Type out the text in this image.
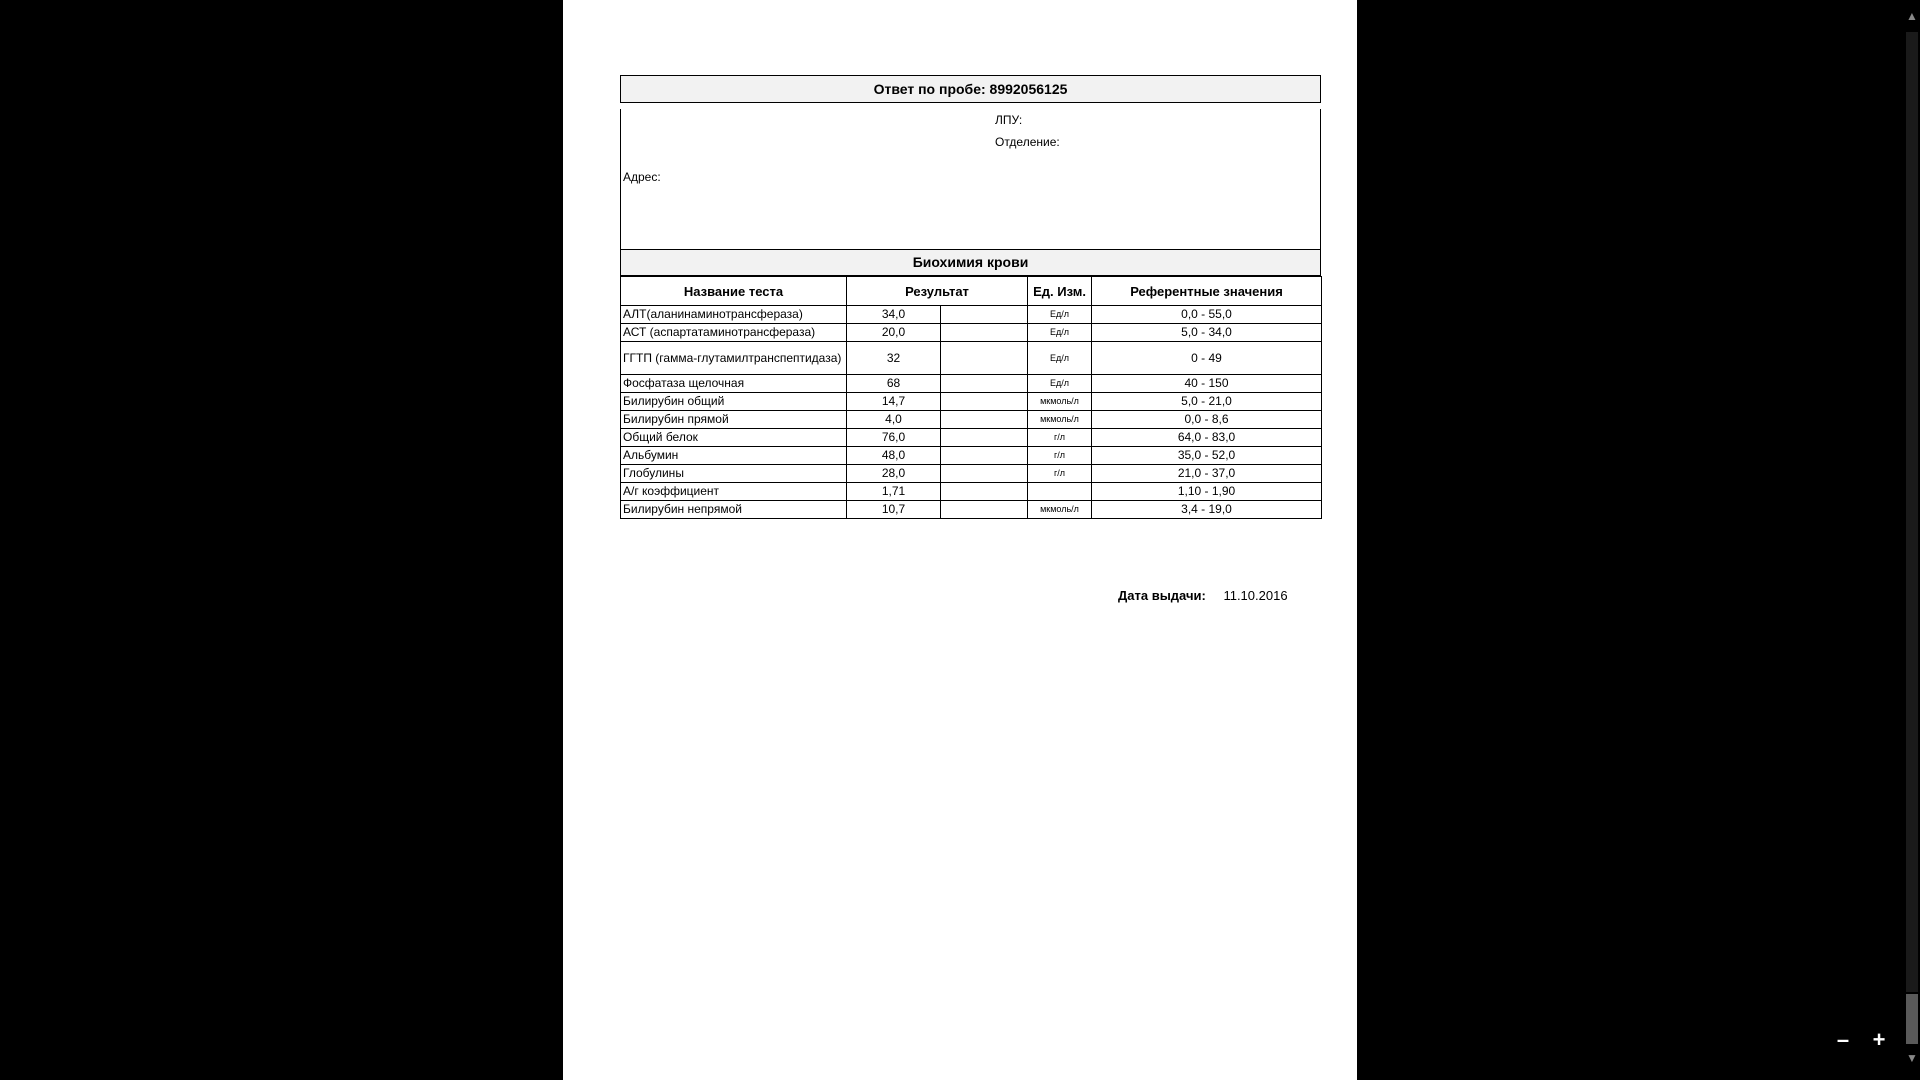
Ответ по пробе: 8992056125
ЛПУ:
Отделение:
Адрес:
Биохимия крови
Название теста	Результат		Ед. Изм.	Референтные значения
АЛТ(аланинаминотрансфераза)	34,0		Ед/л	0,0 - 55,0
АСТ (аспартатаминотрансфераза)	20,0		Ед/л	5,0 - 34,0
ГГТП (гамма-глутамилтранспептидаза)	32		Ед/л	0 - 49
Фосфатаза щелочная	68		Ед/л	40 - 150
Билирубин общий	14,7		мкмоль/л	5,0 - 21,0
Билирубин прямой	4,0		мкмоль/л	0,0 - 8,6
Общий белок	76,0		г/л	64,0 - 83,0
Альбумин	48,0		г/л	35,0 - 52,0
Глобулины	28,0		г/л	21,0 - 37,0
А/г коэффициент	1,71			1,10 - 1,90
Билирубин непрямой	10,7		мкмоль/л	3,4 - 19,0
Дата выдачи: 11.10.2016
– +
▲
▼
